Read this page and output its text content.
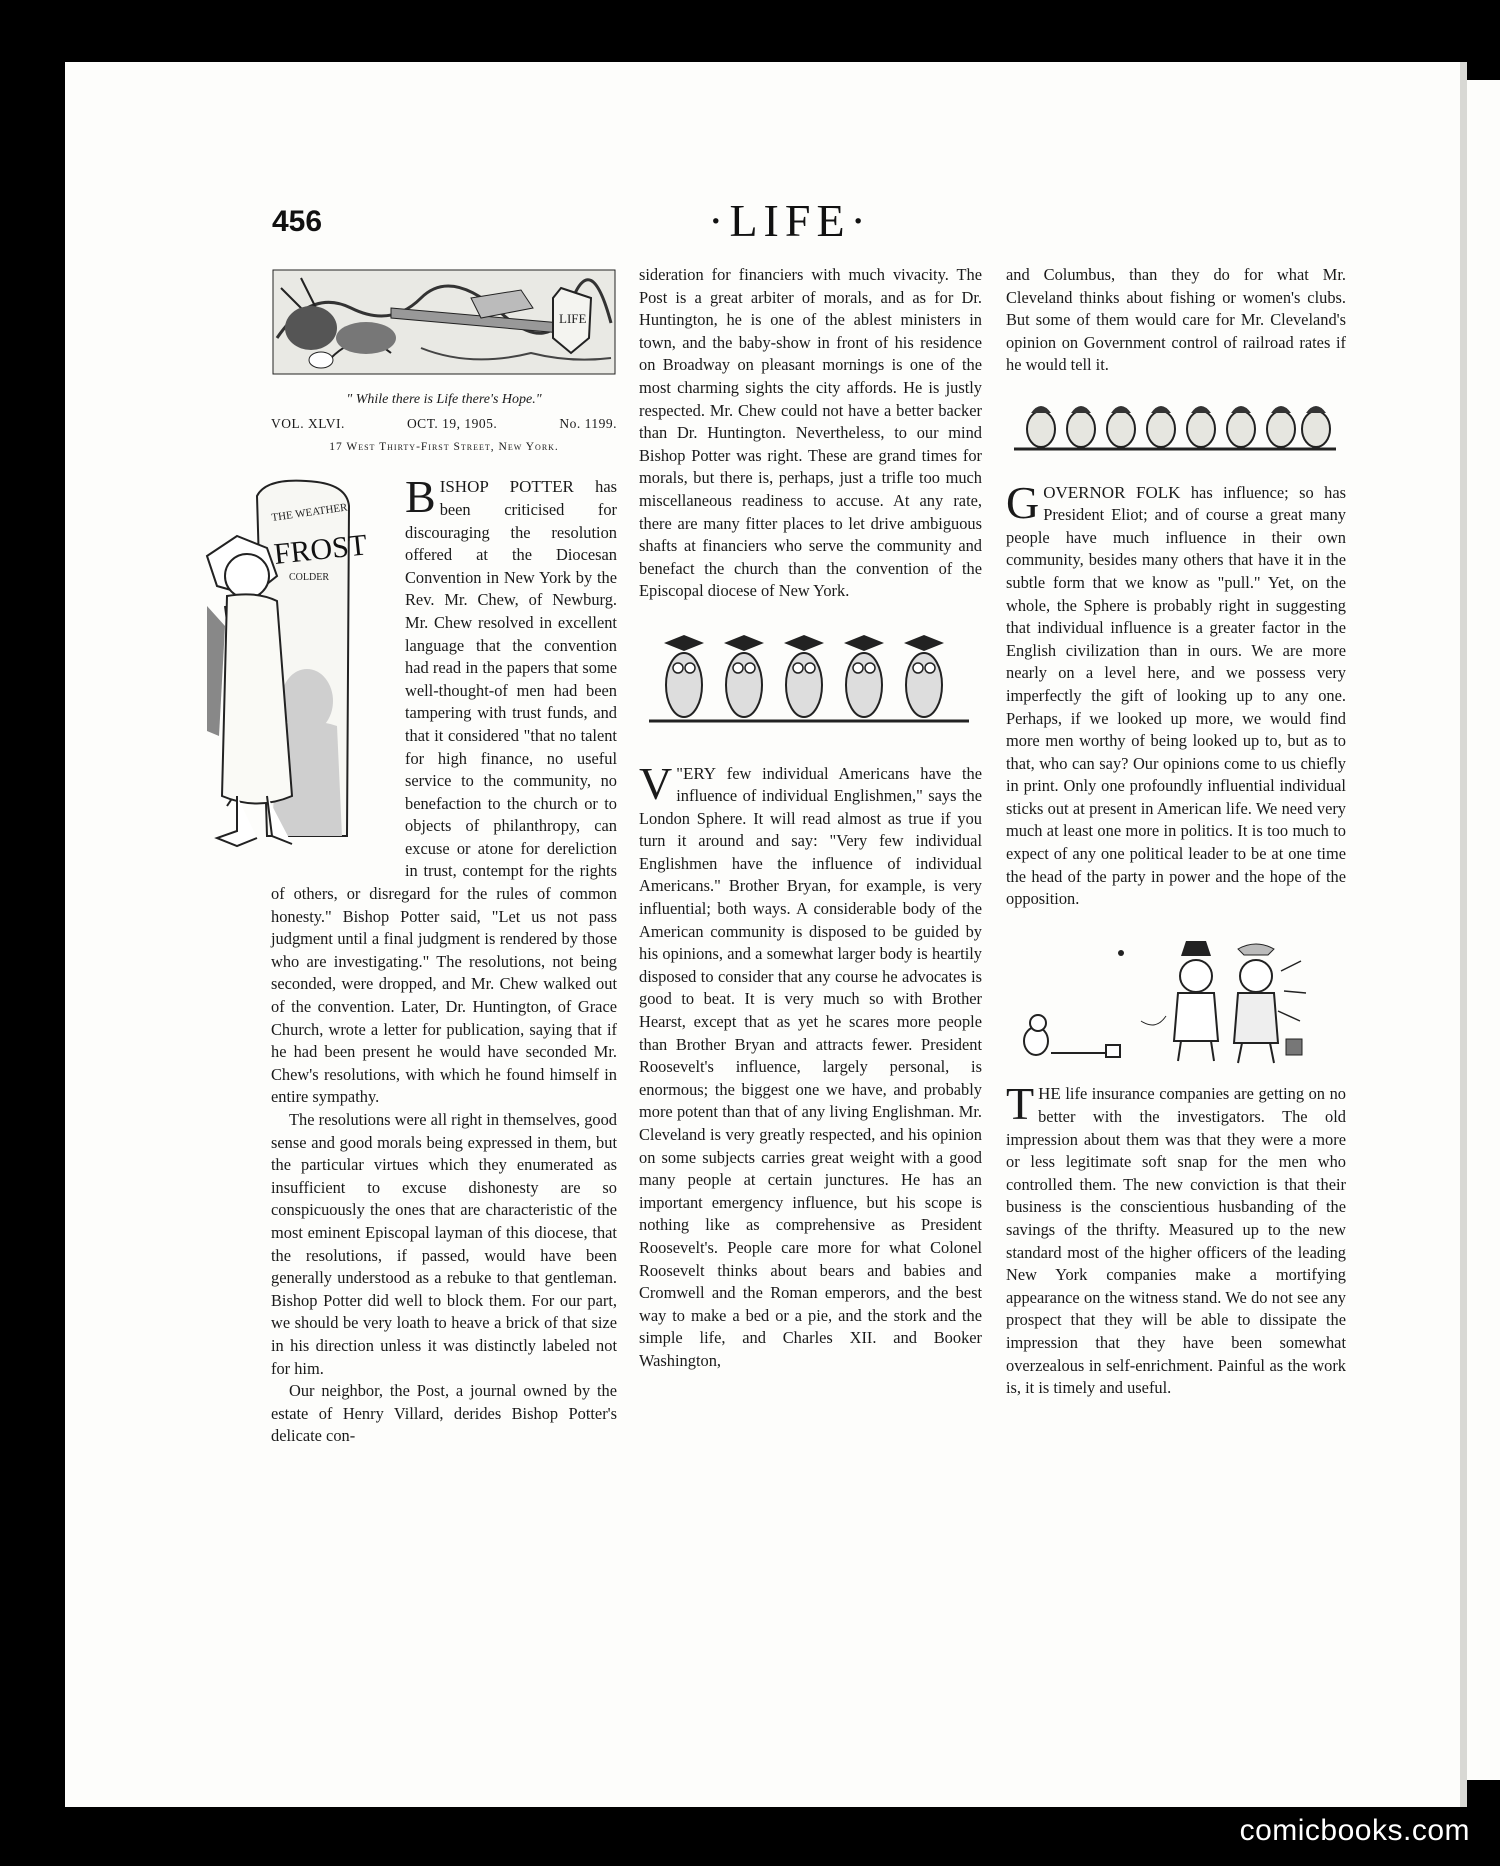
456	·LIFE·
LIFE
" While there is Life there's Hope."
VOL. XLVI.	OCT. 19, 1905.	No. 1199.
17 West Thirty-First Street, New York.
THE WEATHER
FROST
COLDER

BISHOP POTTER has been criticised for discouraging the resolution offered at the Diocesan Convention in New York by the Rev. Mr. Chew, of Newburg. Mr. Chew resolved in excellent language that the convention had read in the papers that some well-thought-of men had been tampering with trust funds, and that it considered "that no talent for high finance, no useful service to the community, no benefaction to the church or to objects of philanthropy, can excuse or atone for dereliction in trust, contempt for the rights of others, or disregard for the rules of common honesty." Bishop Potter said, "Let us not pass judgment until a final judgment is rendered by those who are investigating." The resolutions, not being seconded, were dropped, and Mr. Chew walked out of the convention. Later, Dr. Huntington, of Grace Church, wrote a letter for publication, saying that if he had been present he would have seconded Mr. Chew's resolutions, with which he found himself in entire sympathy.

The resolutions were all right in themselves, good sense and good morals being expressed in them, but the particular virtues which they enumerated as insufficient to excuse dishonesty are so conspicuously the ones that are characteristic of the most eminent Episcopal layman of this diocese, that the resolutions, if passed, would have been generally understood as a rebuke to that gentleman. Bishop Potter did well to block them. For our part, we should be very loath to heave a brick of that size in his direction unless it was distinctly labeled not for him.

Our neighbor, the Post, a journal owned by the estate of Henry Villard, derides Bishop Potter's delicate con-

sideration for financiers with much vivacity. The Post is a great arbiter of morals, and as for Dr. Huntington, he is one of the ablest ministers in town, and the baby-show in front of his residence on Broadway on pleasant mornings is one of the most charming sights the city affords. He is justly respected. Mr. Chew could not have a better backer than Dr. Huntington. Nevertheless, to our mind Bishop Potter was right. These are grand times for morals, but there is, perhaps, just a trifle too much miscellaneous readiness to accuse. At any rate, there are many fitter places to let drive ambiguous shafts at financiers who serve the community and benefact the church than the convention of the Episcopal diocese of New York.

"
V ERY few individual Americans have the influence of individual Englishmen," says the London Sphere. It will read almost as true if you turn it around and say: "Very few individual Englishmen have the influence of individual Americans." Brother Bryan, for example, is very influential; both ways. A considerable body of the American community is disposed to be guided by his opinions, and a somewhat larger body is heartily disposed to consider that any course he advocates is good to beat. It is very much so with Brother Hearst, except that as yet he scares more people than Brother Bryan and attracts fewer. President Roosevelt's influence, largely personal, is enormous; the biggest one we have, and probably more potent than that of any living Englishman. Mr. Cleveland is very greatly respected, and his opinion on some subjects carries great weight with a good many people at certain junctures. He has an important emergency influence, but his scope is nothing like as comprehensive as President Roosevelt's. People care more for what Colonel Roosevelt thinks about bears and babies and Cromwell and the Roman emperors, and the best way to make a bed or a pie, and the stork and the simple life, and Charles XII. and Booker Washington,

and Columbus, than they do for what Mr. Cleveland thinks about fishing or women's clubs. But some of them would care for Mr. Cleveland's opinion on Government control of railroad rates if he would tell it.

GOVERNOR FOLK has influence; so has President Eliot; and of course a great many people have much influence in their own community, besides many others that have it in the subtle form that we know as "pull." Yet, on the whole, the Sphere is probably right in suggesting that individual influence is a greater factor in the English civilization than in ours. We are more nearly on a level here, and we possess very imperfectly the gift of looking up to any one. Perhaps, if we looked up more, we would find more men worthy of being looked up to, but as to that, who can say? Our opinions come to us chiefly in print. Only one profoundly influential individual sticks out at present in American life. We need very much at least one more in politics. It is too much to expect of any one political leader to be at one time the head of the party in power and the hope of the opposition.

THE life insurance companies are getting on no better with the investigators. The old impression about them was that they were a more or less legitimate soft snap for the men who controlled them. The new conviction is that their business is the conscientious husbanding of the savings of the thrifty. Measured up to the new standard most of the higher officers of the leading New York companies make a mortifying appearance on the witness stand. We do not see any prospect that they will be able to dissipate the impression that they have been somewhat overzealous in self-enrichment. Painful as the work is, it is timely and useful.

comicbooks.com
